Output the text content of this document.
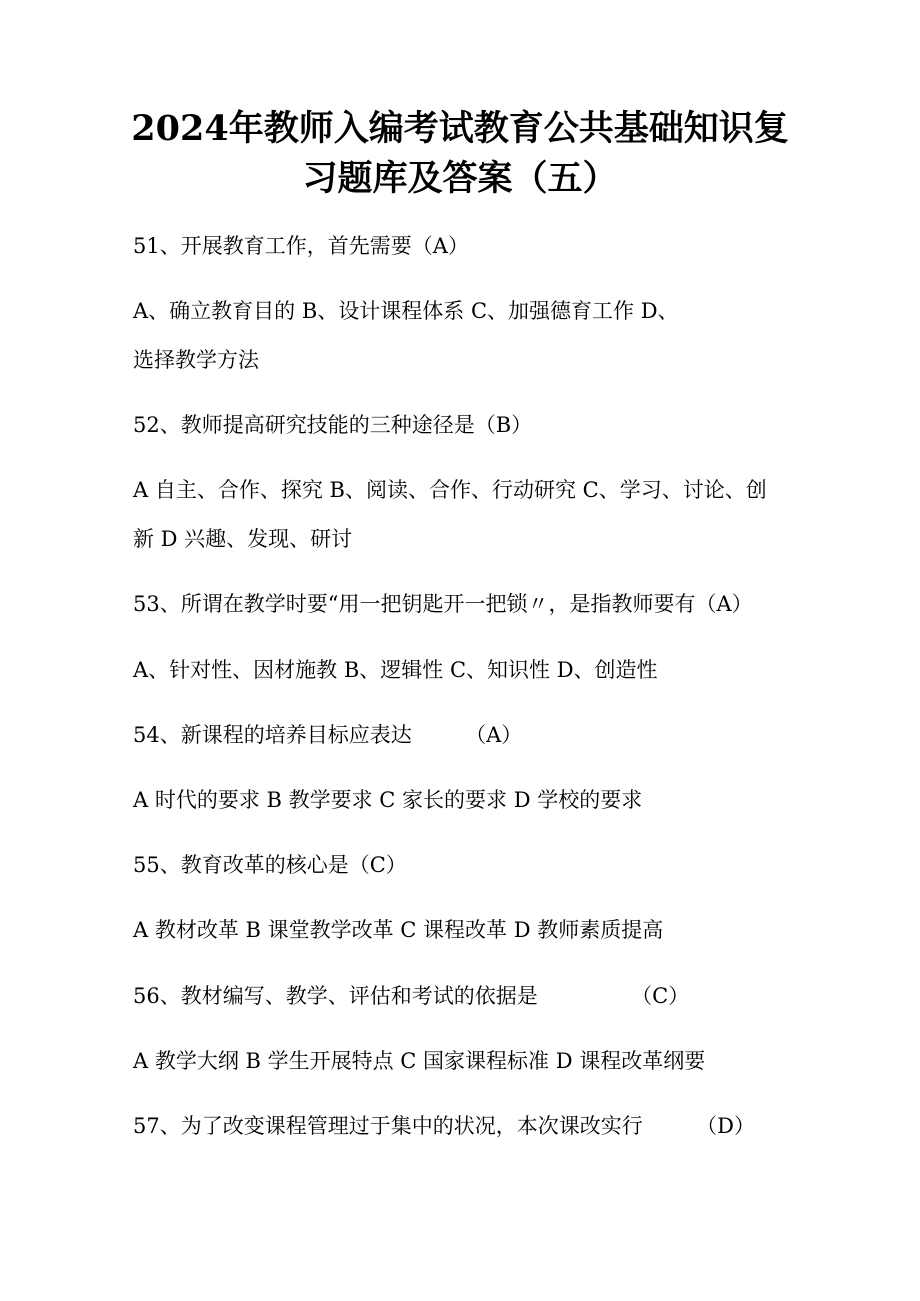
2024年教师入编考试教育公共基础知识复
习题库及答案（五）
51、开展教育工作，首先需要（A）
A、确立教育目的 B、设计课程体系 C、加强德育工作 D、
选择教学方法
52、教师提高研究技能的三种途径是（B）
A 自主、合作、探究 B、阅读、合作、行动研究 C、学习、讨论、创
新 D 兴趣、发现、研讨
53、所谓在教学时要“用一把钥匙开一把锁〃，是指教师要有（A）
A、针对性、因材施教 B、逻辑性 C、知识性 D、创造性
54、新课程的培养目标应表达        （A）
A 时代的要求 B 教学要求 C 家长的要求 D 学校的要求
55、教育改革的核心是（C）
A 教材改革 B 课堂教学改革 C 课程改革 D 教师素质提高
56、教材编写、教学、评估和考试的依据是              （C）
A 教学大纲 B 学生开展特点 C 国家课程标准 D 课程改革纲要
57、为了改变课程管理过于集中的状况，本次课改实行        （D）
